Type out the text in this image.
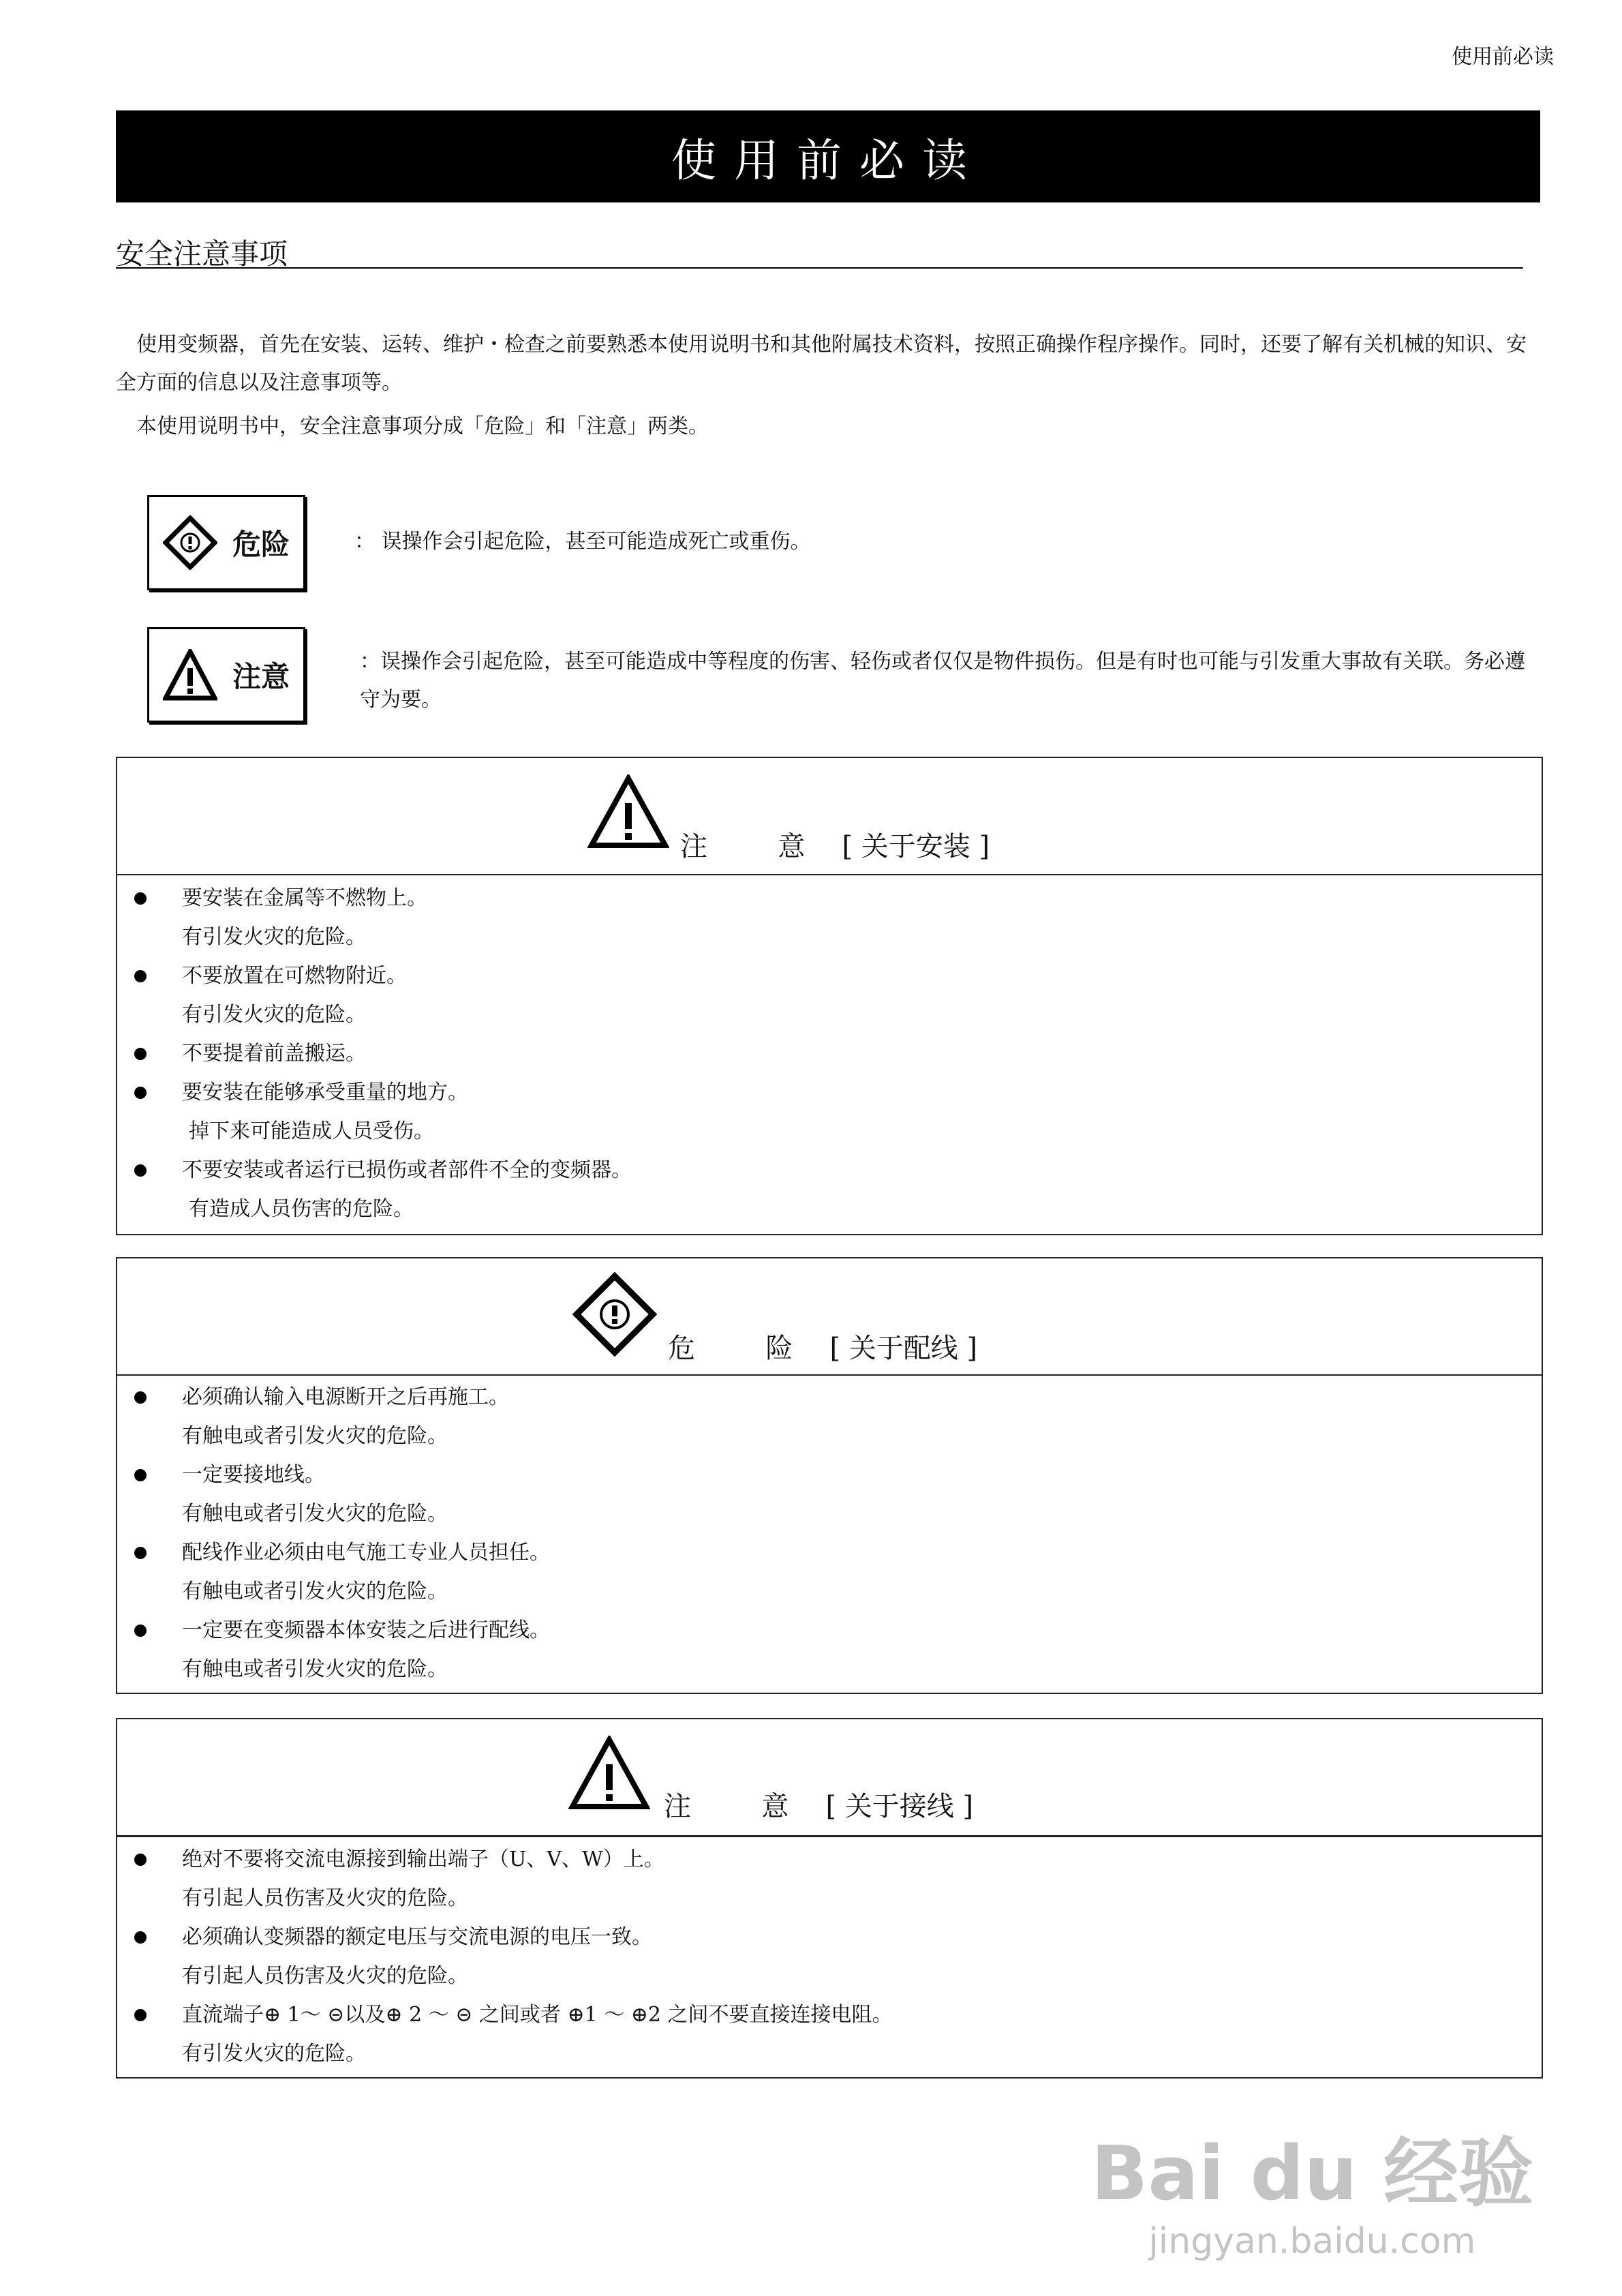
使用前必读
使用前必读
安全注意事项
使用变频器，首先在安装、运转、维护・检查之前要熟悉本使用说明书和其他附属技术资料，按照正确操作程序操作。同时，还要了解有关机械的知识、安全方面的信息以及注意事项等。
本使用说明书中，安全注意事项分成「危险」和「注意」两类。
危险	： 误操作会引起危险，甚至可能造成死亡或重伤。
注意	：误操作会引起危险，甚至可能造成中等程度的伤害、轻伤或者仅仅是物件损伤。但是有时也可能与引发重大事故有关联。务必遵守为要。
注  意 [ 关于安装 ]
要安装在金属等不燃物上。
有引发火灾的危险。
不要放置在可燃物附近。
有引发火灾的危险。
不要提着前盖搬运。
要安装在能够承受重量的地方。
掉下来可能造成人员受伤。
不要安装或者运行已损伤或者部件不全的变频器。
有造成人员伤害的危险。
危  险 [ 关于配线 ]
必须确认输入电源断开之后再施工。
有触电或者引发火灾的危险。
一定要接地线。
有触电或者引发火灾的危险。
配线作业必须由电气施工专业人员担任。
有触电或者引发火灾的危险。
一定要在变频器本体安装之后进行配线。
有触电或者引发火灾的危险。
注  意 [ 关于接线 ]
绝对不要将交流电源接到输出端子（U、V、W）上。
有引起人员伤害及火灾的危险。
必须确认变频器的额定电压与交流电源的电压一致。
有引起人员伤害及火灾的危险。
直流端子⊕ 1～ ⊝以及⊕ 2 ～ ⊝ 之间或者 ⊕1 ～ ⊕2 之间不要直接连接电阻。
有引发火灾的危险。
Bai du 经验
jingyan.baidu.com
